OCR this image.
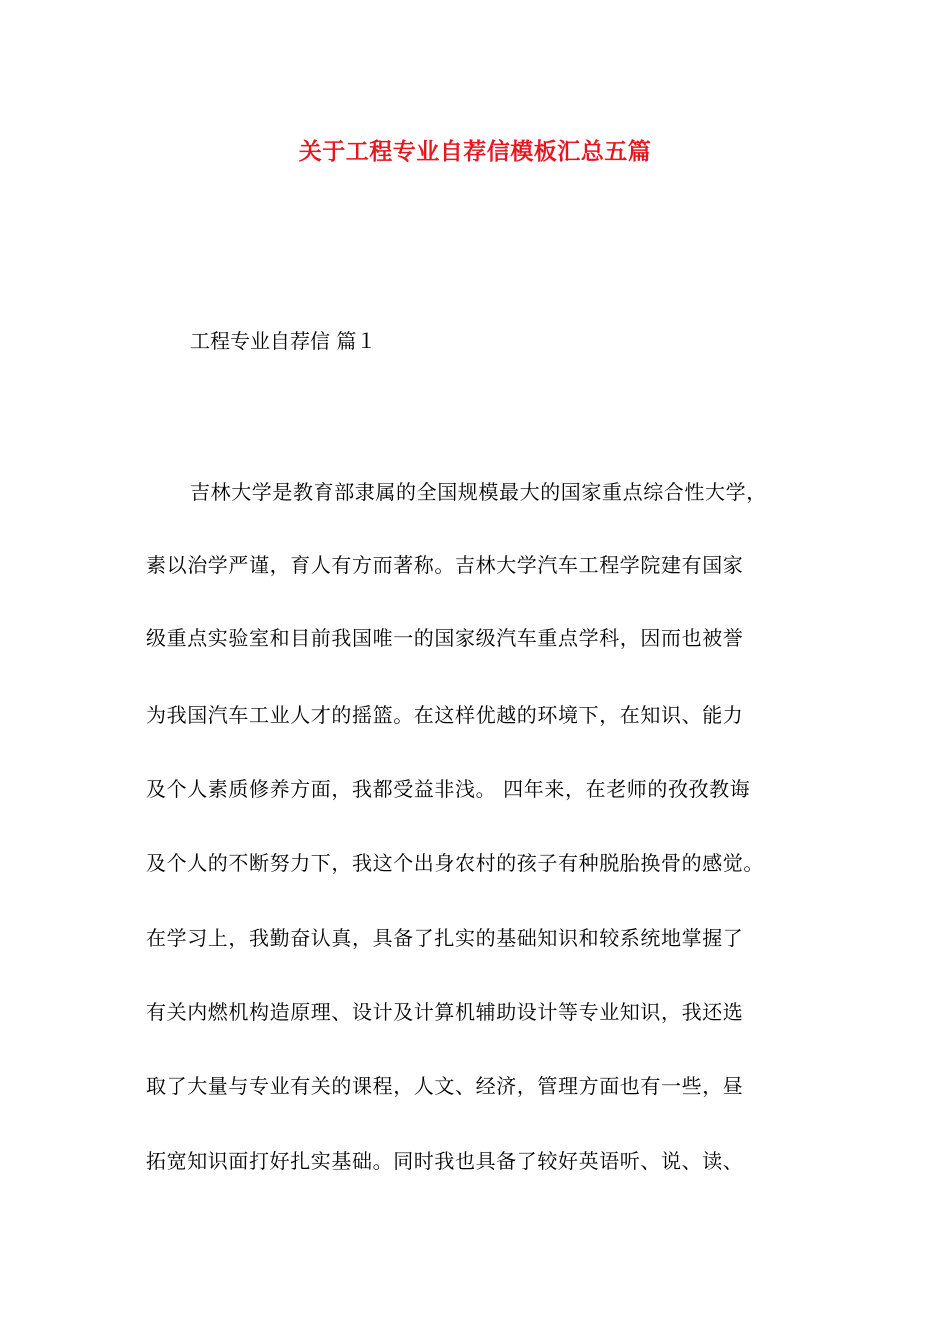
关于工程专业自荐信模板汇总五篇
工程专业自荐信 篇１
吉林大学是教育部隶属的全国规模最大的国家重点综合性大学，
素以治学严谨，育人有方而著称。吉林大学汽车工程学院建有国家
级重点实验室和目前我国唯一的国家级汽车重点学科，因而也被誉
为我国汽车工业人才的摇篮。在这样优越的环境下，在知识、能力
及个人素质修养方面，我都受益非浅。 四年来，在老师的孜孜教诲
及个人的不断努力下，我这个出身农村的孩子有种脱胎换骨的感觉。
在学习上，我勤奋认真，具备了扎实的基础知识和较系统地掌握了
有关内燃机构造原理、设计及计算机辅助设计等专业知识，我还选
取了大量与专业有关的课程，人文、经济，管理方面也有一些，昼
拓宽知识面打好扎实基础。同时我也具备了较好英语听、说、读、
